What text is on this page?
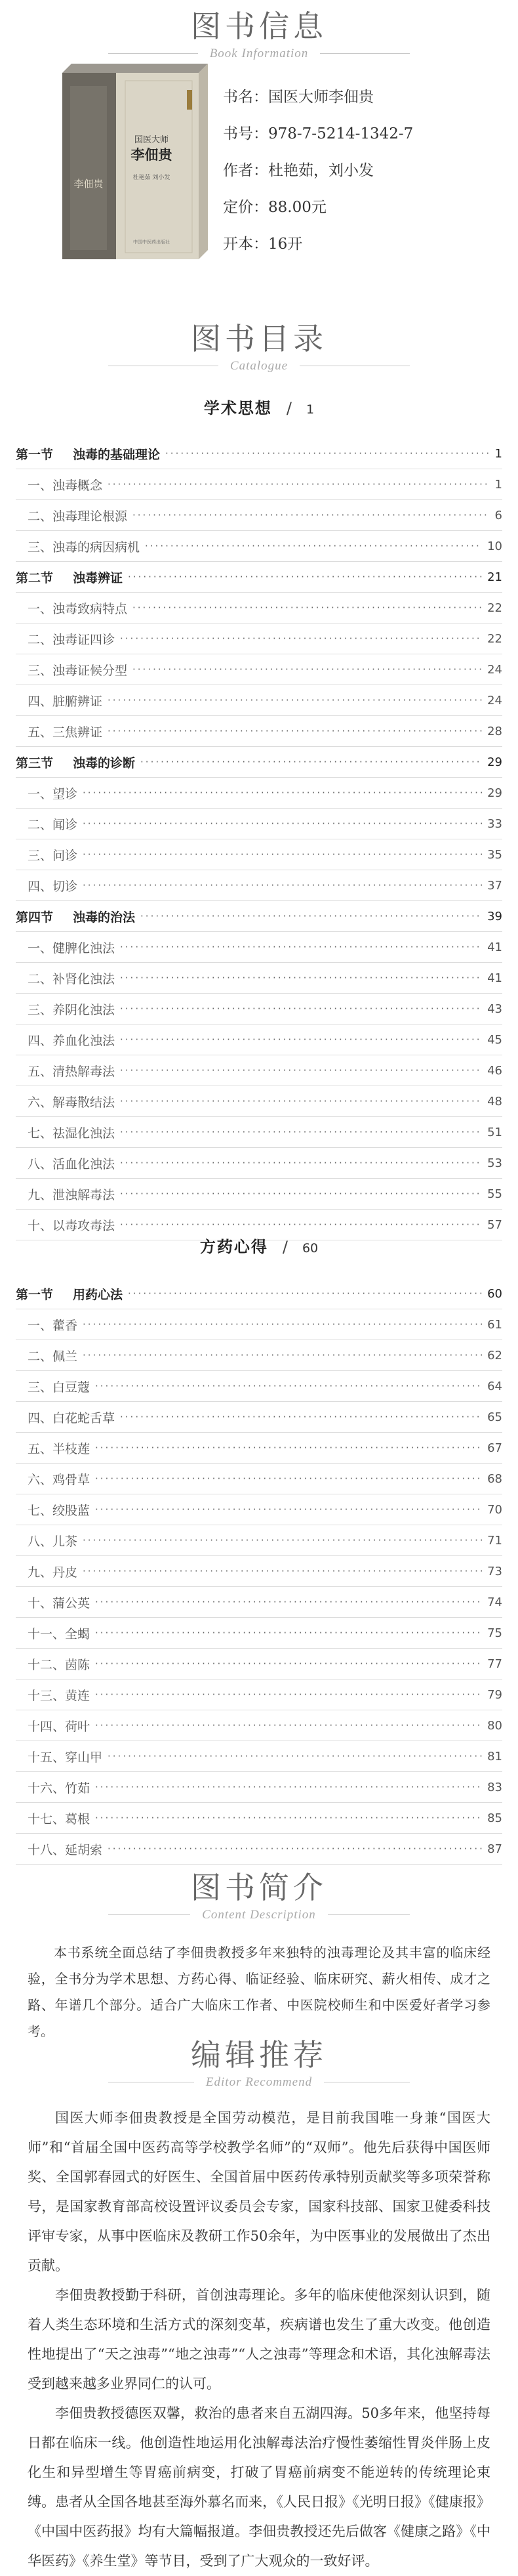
图书信息
Book Information
国医大师
李佃贵
杜艳茹 刘小发
李佃贵
中国中医药出版社
书名：国医大师李佃贵
书号：978-7-5214-1342-7
作者：杜艳茹，刘小发
定价：88.00元
开本：16开
图书目录
Catalogue
学术思想 / 1
第一节 浊毒的基础理论 ·····	1
一、浊毒概念 ·····	1
二、浊毒理论根源 ·····	6
三、浊毒的病因病机 ·····	10
第二节 浊毒辨证 ·····	21
一、浊毒致病特点 ·····	22
二、浊毒证四诊 ·····	22
三、浊毒证候分型 ·····	24
四、脏腑辨证 ·····	24
五、三焦辨证 ·····	28
第三节 浊毒的诊断 ·····	29
一、望诊 ·····	29
二、闻诊 ·····	33
三、问诊 ·····	35
四、切诊 ·····	37
第四节 浊毒的治法 ·····	39
一、健脾化浊法 ·····	41
二、补肾化浊法 ·····	41
三、养阴化浊法 ·····	43
四、养血化浊法 ·····	45
五、清热解毒法 ·····	46
六、解毒散结法 ·····	48
七、祛湿化浊法 ·····	51
八、活血化浊法 ·····	53
九、泄浊解毒法 ·····	55
十、以毒攻毒法 ·····	57
方药心得 / 60
第一节 用药心法 ·····	60
一、藿香 ·····	61
二、佩兰 ·····	62
三、白豆蔻 ·····	64
四、白花蛇舌草 ·····	65
五、半枝莲 ·····	67
六、鸡骨草 ·····	68
七、绞股蓝 ·····	70
八、儿茶 ·····	71
九、丹皮 ·····	73
十、蒲公英 ·····	74
十一、全蝎 ·····	75
十二、茵陈 ·····	77
十三、黄连 ·····	79
十四、荷叶 ·····	80
十五、穿山甲 ·····	81
十六、竹茹 ·····	83
十七、葛根 ·····	85
十八、延胡索 ·····	87
图书简介
Content Description

本书系统全面总结了李佃贵教授多年来独特的浊毒理论及其丰富的临床经验，全书分为学术思想、方药心得、临证经验、临床研究、薪火相传、成才之路、年谱几个部分。适合广大临床工作者、中医院校师生和中医爱好者学习参考。

编辑推荐
Editor Recommend

国医大师李佃贵教授是全国劳动模范，是目前我国唯一身兼“国医大师”和“首届全国中医药高等学校教学名师”的“双师”。他先后获得中国医师奖、全国郭春园式的好医生、全国首届中医药传承特别贡献奖等多项荣誉称号，是国家教育部高校设置评议委员会专家，国家科技部、国家卫健委科技评审专家，从事中医临床及教研工作50余年，为中医事业的发展做出了杰出贡献。

李佃贵教授勤于科研，首创浊毒理论。多年的临床使他深刻认识到，随着人类生态环境和生活方式的深刻变革，疾病谱也发生了重大改变。他创造性地提出了“天之浊毒”“地之浊毒”“人之浊毒”等理念和术语，其化浊解毒法受到越来越多业界同仁的认可。

李佃贵教授德医双馨，救治的患者来自五湖四海。50多年来，他坚持每日都在临床一线。他创造性地运用化浊解毒法治疗慢性萎缩性胃炎伴肠上皮化生和异型增生等胃癌前病变，打破了胃癌前病变不能逆转的传统理论束缚。患者从全国各地甚至海外慕名而来，《人民日报》《光明日报》《健康报》《中国中医药报》均有大篇幅报道。李佃贵教授还先后做客《健康之路》《中华医药》《养生堂》等节目，受到了广大观众的一致好评。
